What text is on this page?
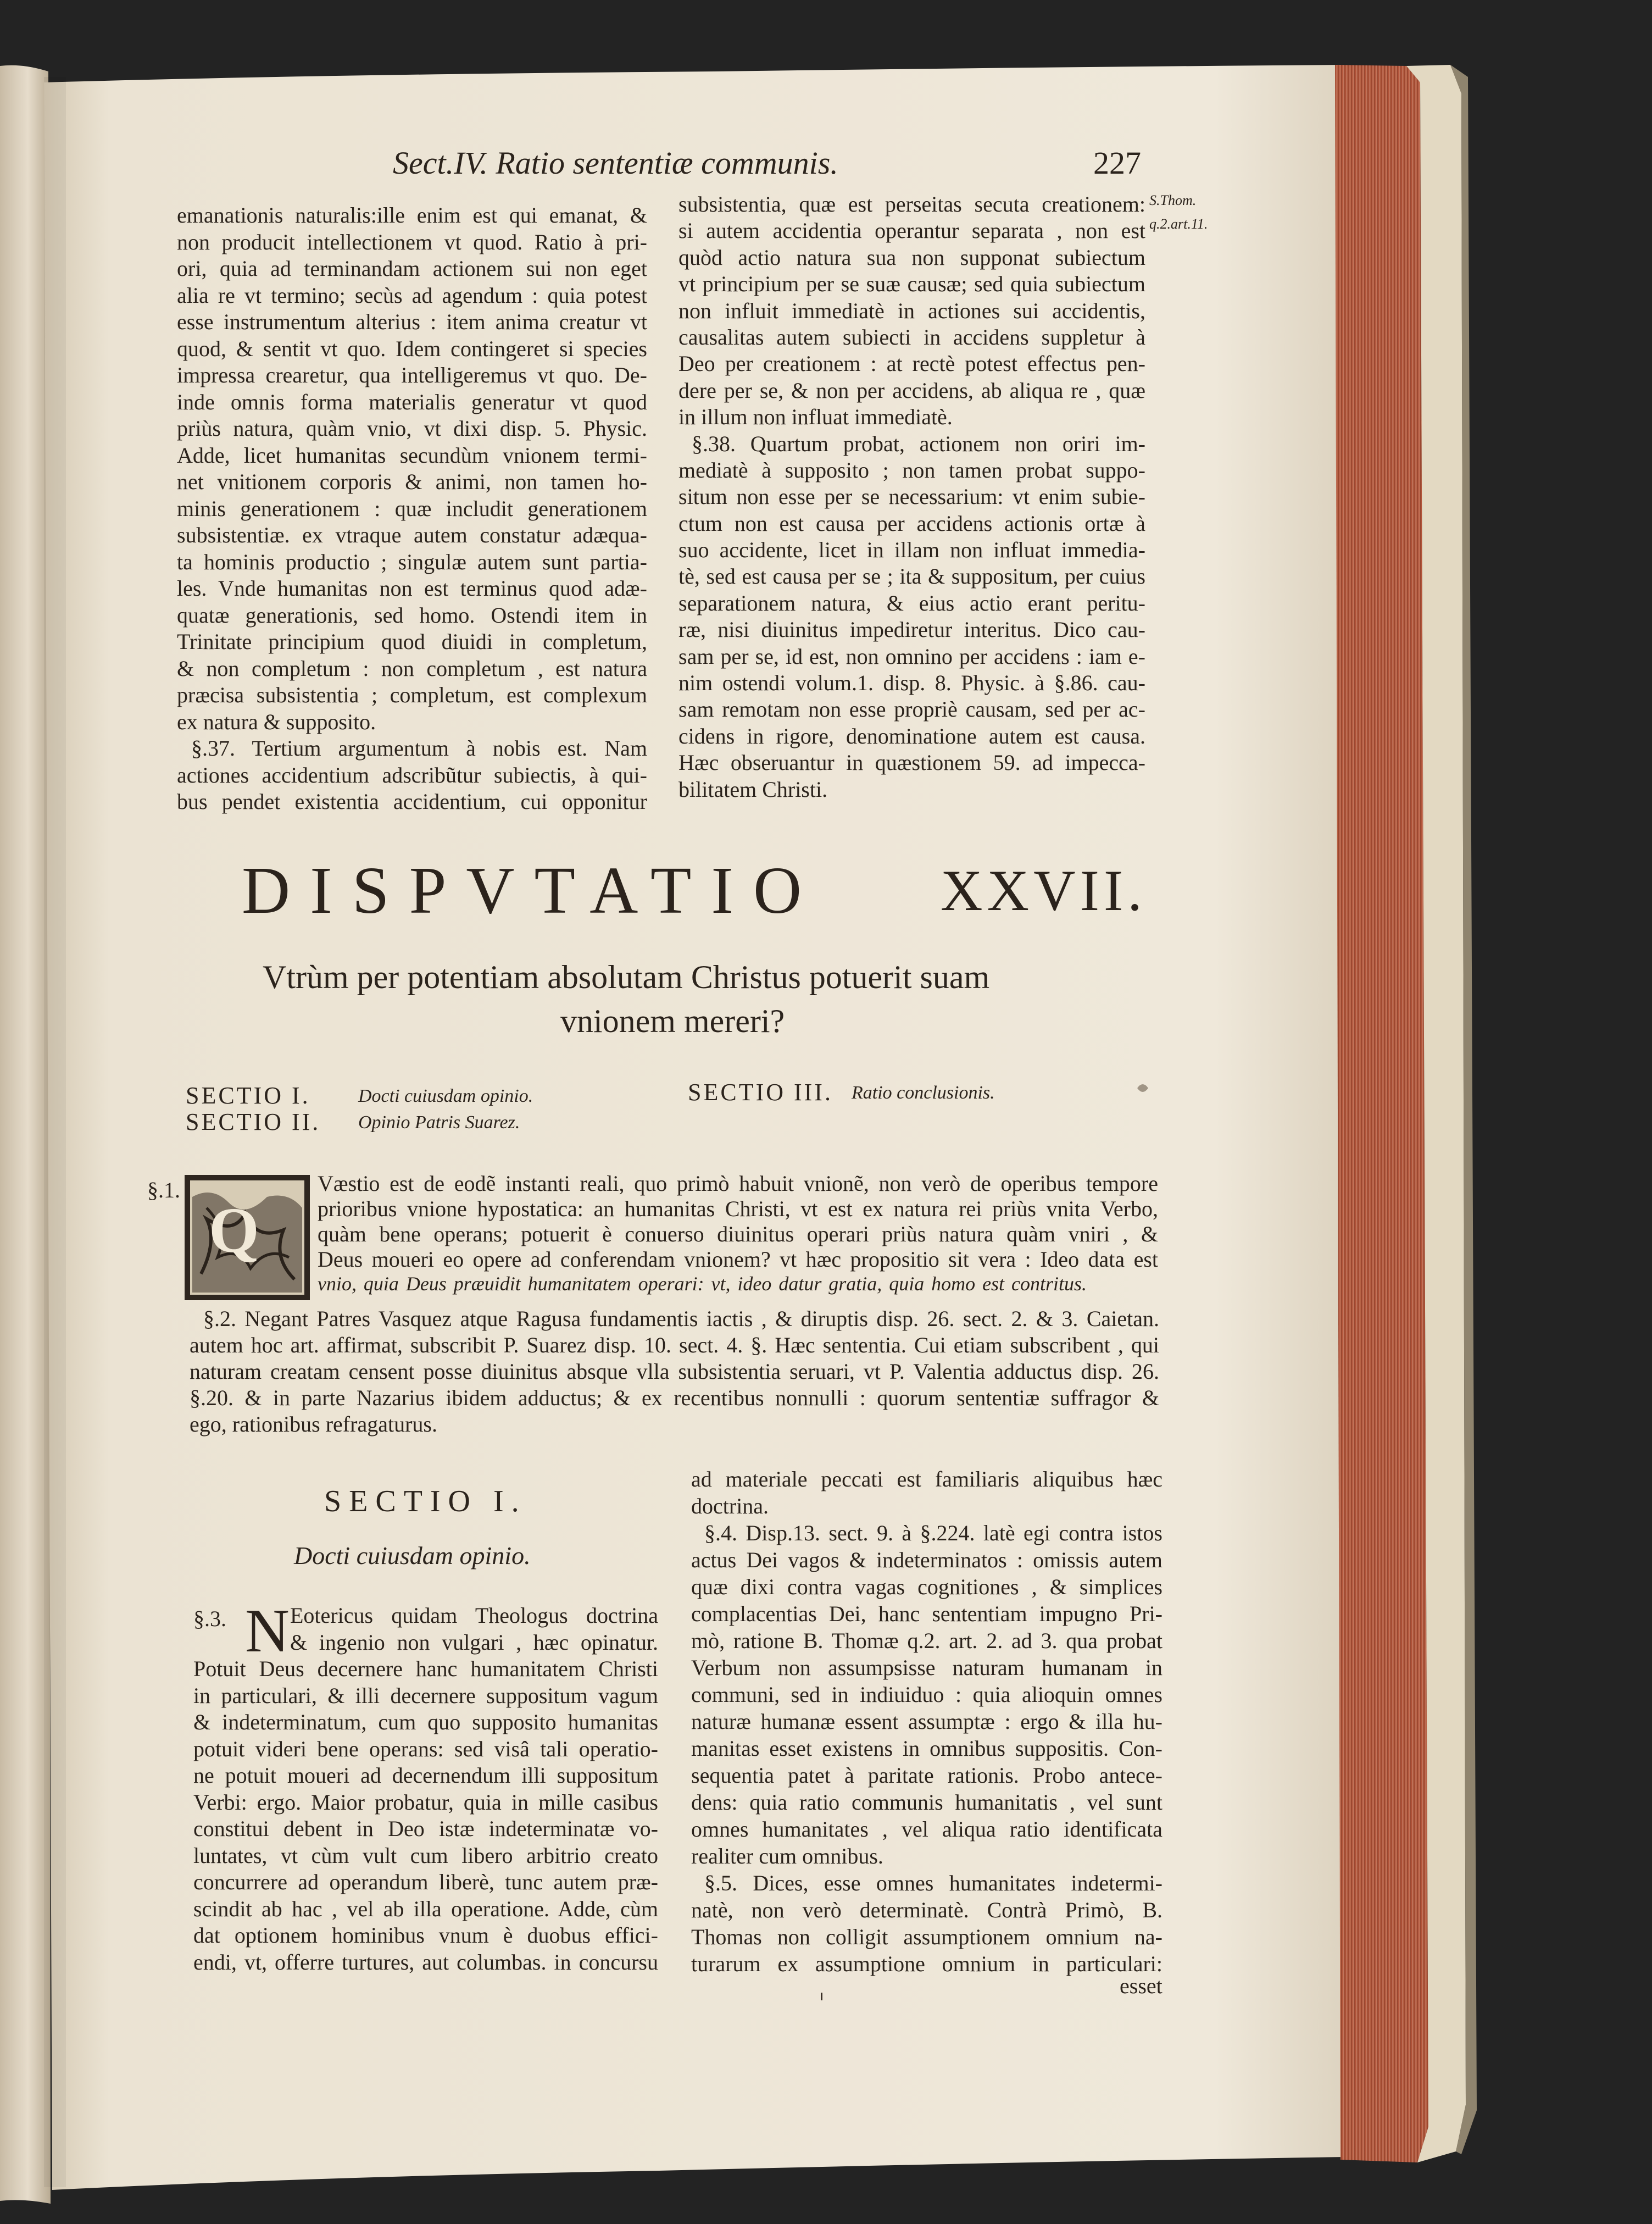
Sect.IV. Ratio sententiæ communis.	227
S.Thom.
q.2.art.11.
emanationis naturalis:ille enim est qui emanat, &
non producit intellectionem vt quod. Ratio à pri-
ori, quia ad terminandam actionem sui non eget
alia re vt termino; secùs ad agendum : quia potest
esse instrumentum alterius : item anima creatur vt
quod, & sentit vt quo. Idem contingeret si species
impressa crearetur, qua intelligeremus vt quo. De-
inde omnis forma materialis generatur vt quod
priùs natura, quàm vnio, vt dixi disp. 5. Physic.
Adde, licet humanitas secundùm vnionem termi-
net vnitionem corporis & animi, non tamen ho-
minis generationem : quæ includit generationem
subsistentiæ. ex vtraque autem constatur adæqua-
ta hominis productio ; singulæ autem sunt partia-
les. Vnde humanitas non est terminus quod adæ-
quatæ generationis, sed homo. Ostendi item in
Trinitate principium quod diuidi in completum,
& non completum : non completum , est natura
præcisa subsistentia ; completum, est complexum
ex natura & supposito.
§.37. Tertium argumentum à nobis est. Nam
actiones accidentium adscribũtur subiectis, à qui-
bus pendet existentia accidentium, cui opponitur
subsistentia, quæ est perseitas secuta creationem:
si autem accidentia operantur separata , non est
quòd actio natura sua non supponat subiectum
vt principium per se suæ causæ; sed quia subiectum
non influit immediatè in actiones sui accidentis,
causalitas autem subiecti in accidens suppletur à
Deo per creationem : at rectè potest effectus pen-
dere per se, & non per accidens, ab aliqua re , quæ
in illum non influat immediatè.
§.38. Quartum probat, actionem non oriri im-
mediatè à supposito ; non tamen probat suppo-
situm non esse per se necessarium: vt enim subie-
ctum non est causa per accidens actionis ortæ à
suo accidente, licet in illam non influat immedia-
tè, sed est causa per se ; ita & suppositum, per cuius
separationem natura, & eius actio erant peritu-
ræ, nisi diuinitus impediretur interitus. Dico cau-
sam per se, id est, non omnino per accidens : iam e-
nim ostendi volum.1. disp. 8. Physic. à §.86. cau-
sam remotam non esse propriè causam, sed per ac-
cidens in rigore, denominatione autem est causa.
Hæc obseruantur in quæstionem 59. ad impecca-
bilitatem Christi.
DISPVTATIO XXVII.
Vtrùm per potentiam absolutam Christus potuerit suam
vnionem mereri?
SECTIO I.	Docti cuiusdam opinio.
SECTIO II. Opinio Patris Suarez.
SECTIO III. Ratio conclusionis.
§.1.
Q
Væstio est de eodẽ instanti reali, quo primò habuit vnionẽ, non verò de operibus tempore
prioribus vnione hypostatica: an humanitas Christi, vt est ex natura rei priùs vnita Verbo,
quàm bene operans; potuerit è conuerso diuinitus operari priùs natura quàm vniri , &
Deus moueri eo opere ad conferendam vnionem? vt hæc propositio sit vera : Ideo data est
vnio, quia Deus præuidit humanitatem operari: vt, ideo datur gratia, quia homo est contritus.
§.2. Negant Patres Vasquez atque Ragusa fundamentis iactis , & diruptis disp. 26. sect. 2. & 3. Caietan.
autem hoc art. affirmat, subscribit P. Suarez disp. 10. sect. 4. §. Hæc sententia. Cui etiam subscribent , qui
naturam creatam censent posse diuinitus absque vlla subsistentia seruari, vt P. Valentia adductus disp. 26.
§.20. & in parte Nazarius ibidem adductus; & ex recentibus nonnulli : quorum sententiæ suffragor &
ego, rationibus refragaturus.
SECTIO I.
Docti cuiusdam opinio.
§.3. N Eotericus quidam Theologus doctrina
& ingenio non vulgari , hæc opinatur.
Potuit Deus decernere hanc humanitatem Christi
in particulari, & illi decernere suppositum vagum
& indeterminatum, cum quo supposito humanitas
potuit videri bene operans: sed visâ tali operatio-
ne potuit moueri ad decernendum illi suppositum
Verbi: ergo. Maior probatur, quia in mille casibus
constitui debent in Deo istæ indeterminatæ vo-
luntates, vt cùm vult cum libero arbitrio creato
concurrere ad operandum liberè, tunc autem præ-
scindit ab hac , vel ab illa operatione. Adde, cùm
dat optionem hominibus vnum è duobus effici-
endi, vt, offerre turtures, aut columbas. in concursu
ad materiale peccati est familiaris aliquibus hæc
doctrina.
§.4. Disp.13. sect. 9. à §.224. latè egi contra istos
actus Dei vagos & indeterminatos : omissis autem
quæ dixi contra vagas cognitiones , & simplices
complacentias Dei, hanc sententiam impugno Pri-
mò, ratione B. Thomæ q.2. art. 2. ad 3. qua probat
Verbum non assumpsisse naturam humanam in
communi, sed in indiuiduo : quia alioquin omnes
naturæ humanæ essent assumptæ : ergo & illa hu-
manitas esset existens in omnibus suppositis. Con-
sequentia patet à paritate rationis. Probo antece-
dens: quia ratio communis humanitatis , vel sunt
omnes humanitates , vel aliqua ratio identificata
realiter cum omnibus.
§.5. Dices, esse omnes humanitates indetermi-
natè, non verò determinatè. Contrà Primò, B.
Thomas non colligit assumptionem omnium na-
turarum ex assumptione omnium in particulari:
esset
